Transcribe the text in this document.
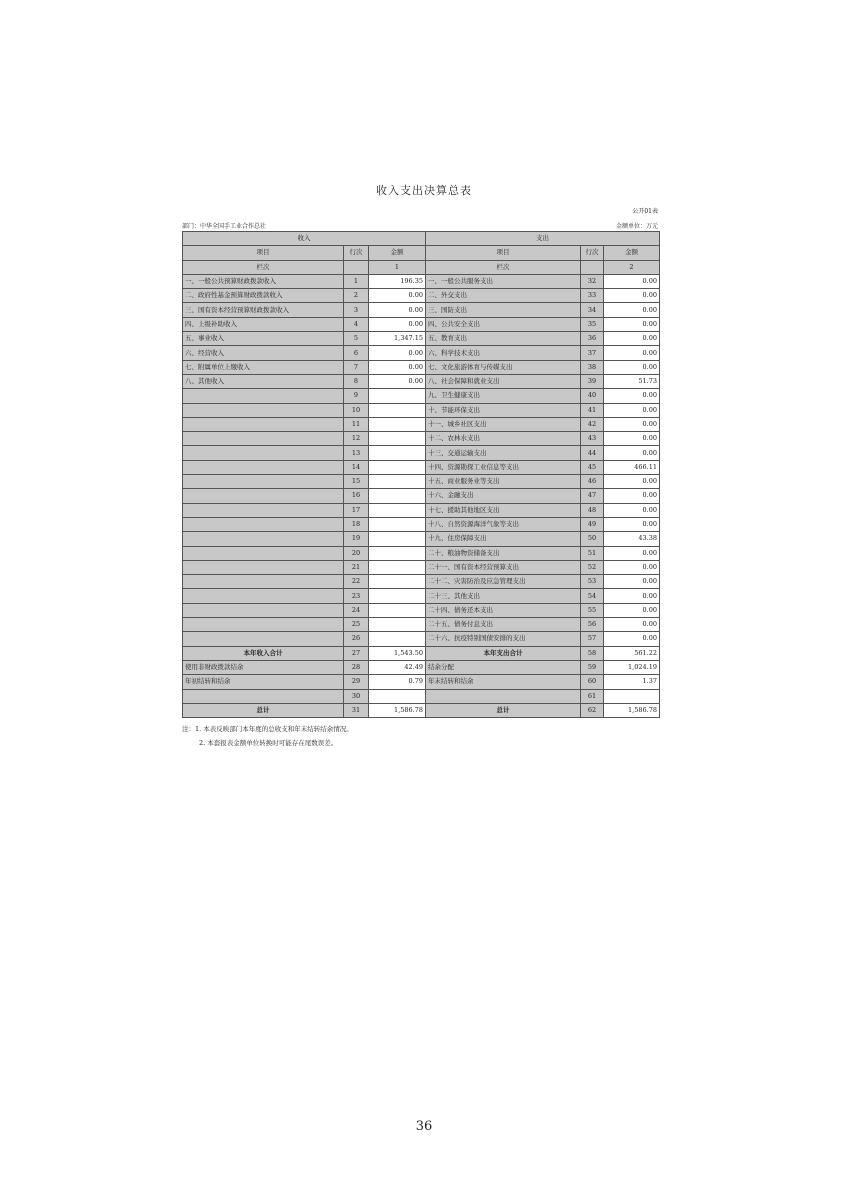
收入支出决算总表
公开01表
部门：中华全国手工业合作总社	金额单位：万元
收入			支出		
项目	行次	金额	项目	行次	金额
栏次		1	栏次		2
一、一般公共预算财政拨款收入	1	196.35	一、一般公共服务支出	32	0.00
二、政府性基金预算财政拨款收入	2	0.00	二、外交支出	33	0.00
三、国有资本经营预算财政拨款收入	3	0.00	三、国防支出	34	0.00
四、上级补助收入	4	0.00	四、公共安全支出	35	0.00
五、事业收入	5	1,347.15	五、教育支出	36	0.00
六、经营收入	6	0.00	六、科学技术支出	37	0.00
七、附属单位上缴收入	7	0.00	七、文化旅游体育与传媒支出	38	0.00
八、其他收入	8	0.00	八、社会保障和就业支出	39	51.73
	9		九、卫生健康支出	40	0.00
	10		十、节能环保支出	41	0.00
	11		十一、城乡社区支出	42	0.00
	12		十二、农林水支出	43	0.00
	13		十三、交通运输支出	44	0.00
	14		十四、资源勘探工业信息等支出	45	466.11
	15		十五、商业服务业等支出	46	0.00
	16		十六、金融支出	47	0.00
	17		十七、援助其他地区支出	48	0.00
	18		十八、自然资源海洋气象等支出	49	0.00
	19		十九、住房保障支出	50	43.38
	20		二十、粮油物资储备支出	51	0.00
	21		二十一、国有资本经营预算支出	52	0.00
	22		二十二、灾害防治及应急管理支出	53	0.00
	23		二十三、其他支出	54	0.00
	24		二十四、债务还本支出	55	0.00
	25		二十五、债务付息支出	56	0.00
	26		二十六、抗疫特别国债安排的支出	57	0.00
本年收入合计	27	1,543.50	本年支出合计	58	561.22
使用非财政拨款结余	28	42.49	结余分配	59	1,024.19
年初结转和结余	29	0.79	年末结转和结余	60	1.37
	30			61	
总计	31	1,586.78	总计	62	1,586.78
注：1. 本表反映部门本年度的总收支和年末结转结余情况。
2. 本套报表金额单位转换时可能存在尾数误差。
36
